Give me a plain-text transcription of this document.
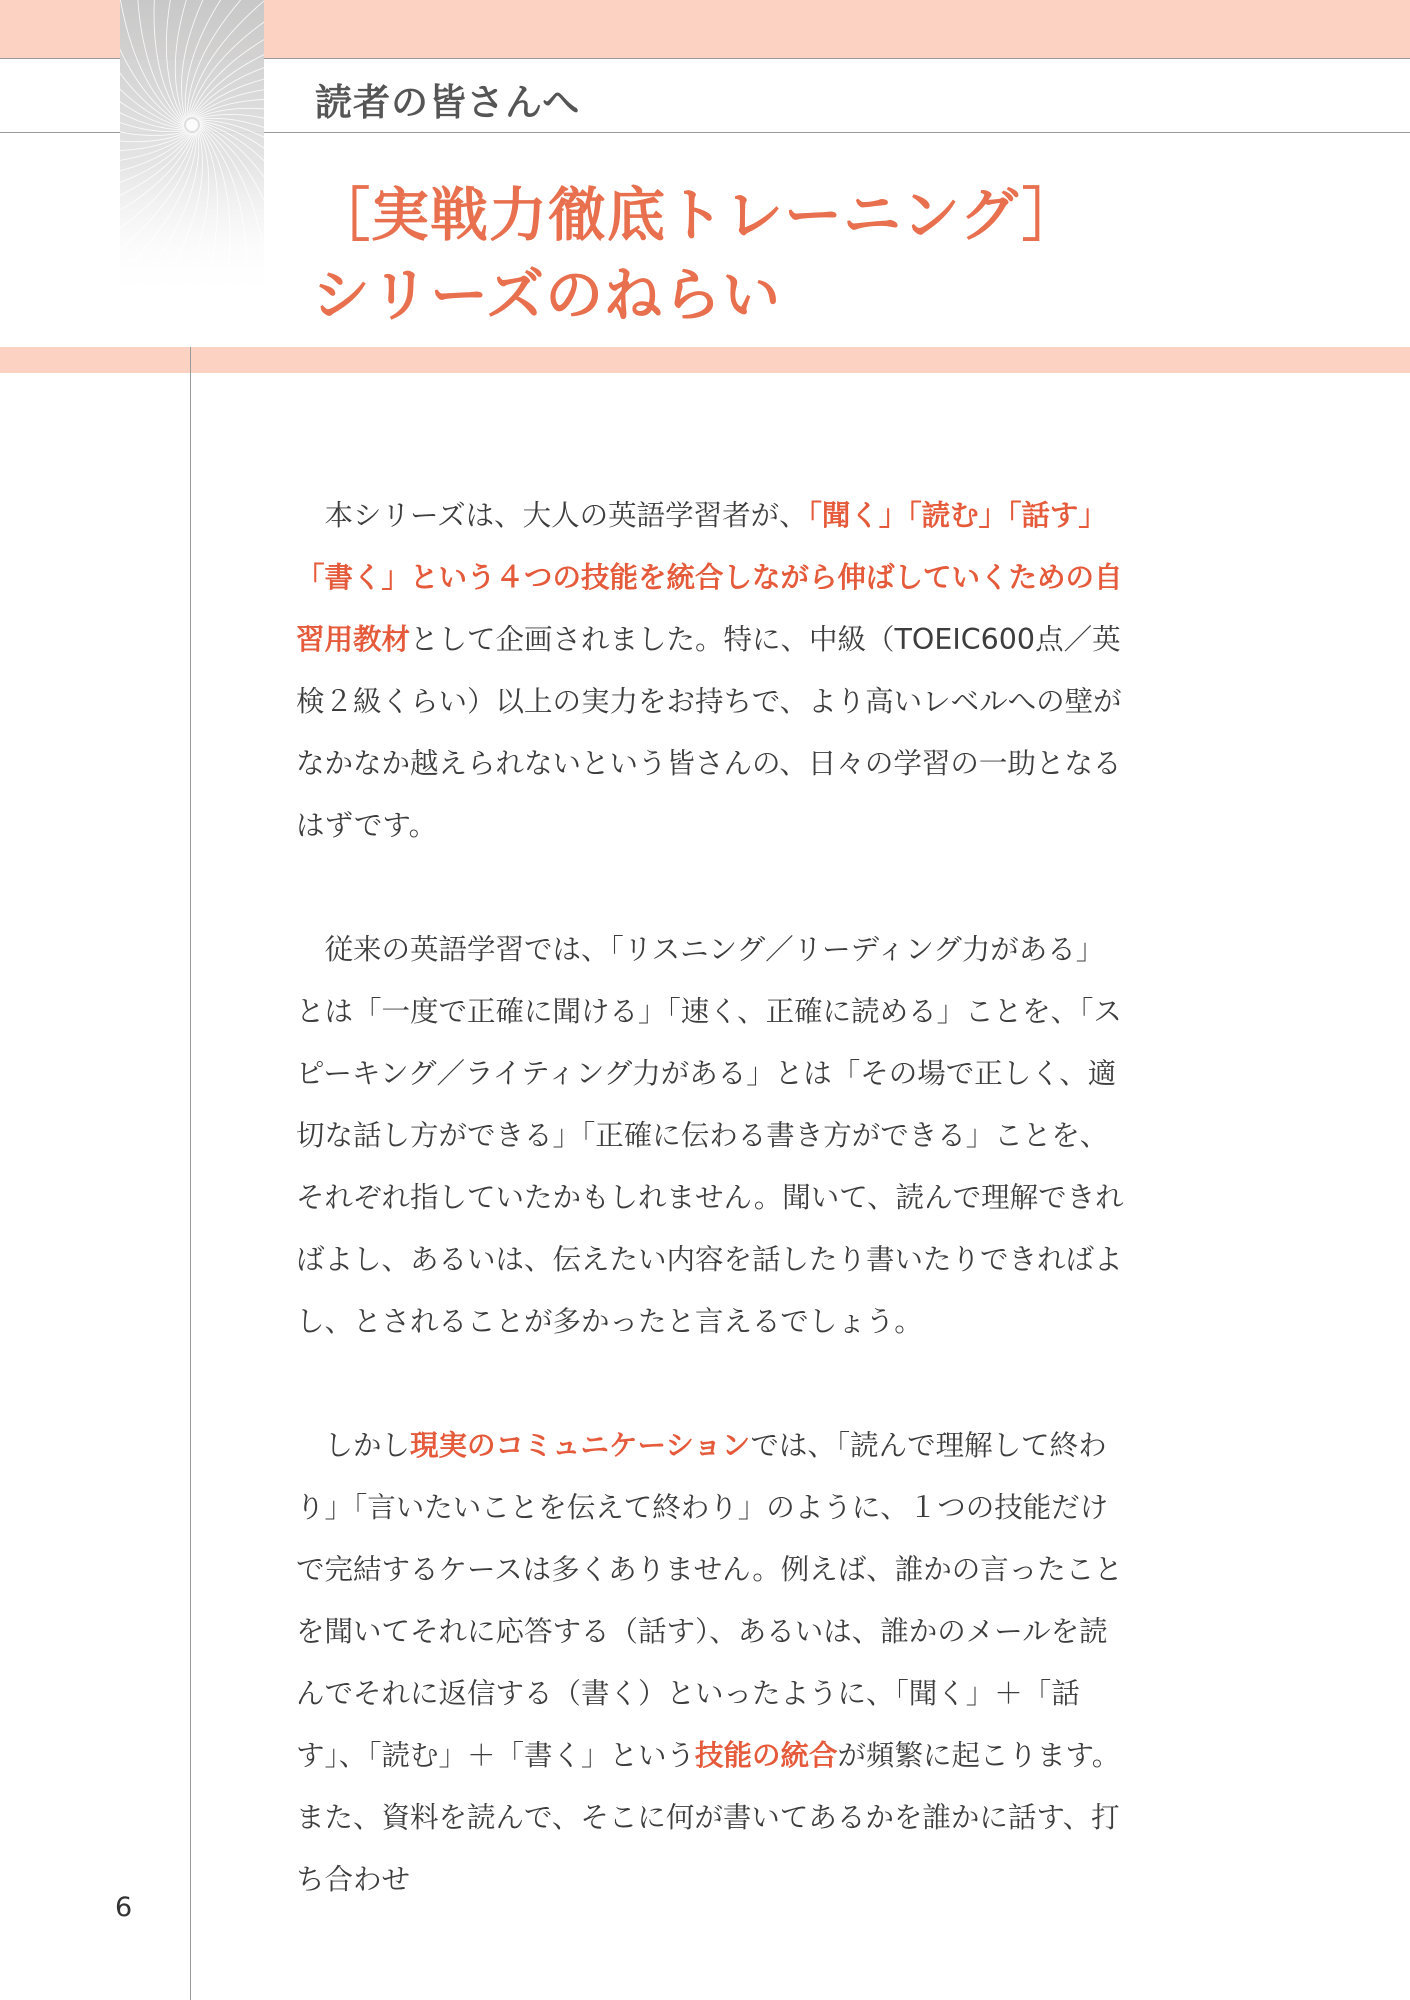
読者の皆さんへ
［実戦力徹底トレーニング］
シリーズのねらい

本シリーズは、大人の英語学習者が、「聞く」「読む」「話す」「書く」という４つの技能を統合しながら伸ばしていくための自習用教材として企画されました。特に、中級（TOEIC600点／英検２級くらい）以上の実力をお持ちで、より高いレベルへの壁がなかなか越えられないという皆さんの、日々の学習の一助となるはずです。

従来の英語学習では、「リスニング／リーディング力がある」とは「一度で正確に聞ける」「速く、正確に読める」ことを、「スピーキング／ライティング力がある」とは「その場で正しく、適切な話し方ができる」「正確に伝わる書き方ができる」ことを、それぞれ指していたかもしれません。聞いて、読んで理解できればよし、あるいは、伝えたい内容を話したり書いたりできればよし、とされることが多かったと言えるでしょう。

しかし現実のコミュニケーションでは、「読んで理解して終わり」「言いたいことを伝えて終わり」のように、１つの技能だけで完結するケースは多くありません。例えば、誰かの言ったことを聞いてそれに応答する（話す）、あるいは、誰かのメールを読んでそれに返信する（書く）といったように、「聞く」＋「話す」、「読む」＋「書く」という技能の統合が頻繁に起こります。また、資料を読んで、そこに何が書いてあるかを誰かに話す、打ち合わせ

6
